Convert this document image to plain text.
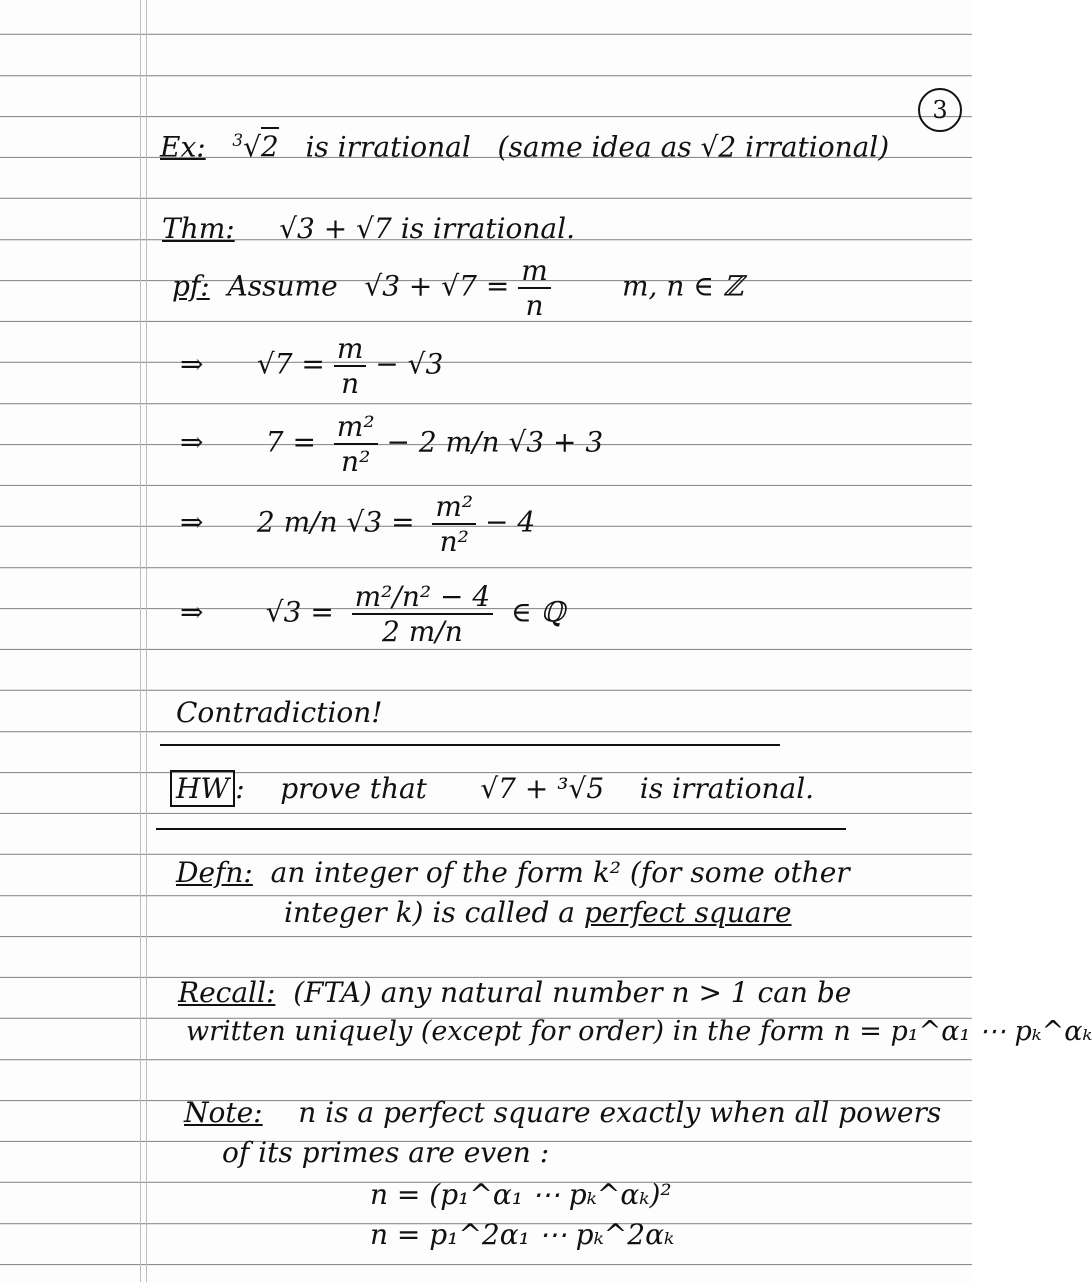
3
Ex: $^3$√2 is irrational (same idea as √2 irrational)
Thm: √3 + √7 is irrational.
pf: Assume $√3 + √7 = \frac{m}{n}$	m, n ∈ ℤ
⇒ $√7 = \frac{m}{n} - √3$
⇒ $7 = \frac{\text{m²}}{\text{n²}} - 2$ m/n √3 + 3
⇒ 2 m/n $√3 = \frac{\text{m²}}{\text{n²}} - 4$
⇒ $√3 = \frac{\text{m²/n² − 4}}{2 m/n}$ ∈ ℚ
Contradiction!
HW : prove that √7 + ³√5 is irrational.
Defn: an integer of the form k² (for some other
integer k) is called a perfect square
Recall: (FTA) any natural number n > 1 can be
written uniquely (except for order) in the form n = p₁^α₁ ⋯ pₖ^αₖ
Note: n is a perfect square exactly when all powers
of its primes are even :
n = (p₁^α₁ ⋯ pₖ^αₖ)²
n = p₁^2α₁ ⋯ pₖ^2αₖ
